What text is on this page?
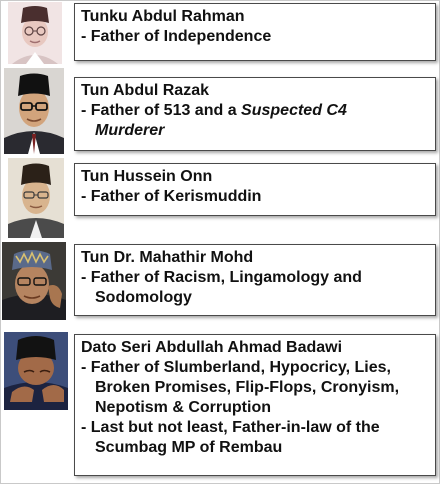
Tunku Abdul Rahman
- Father of Independence
Tun Abdul Razak
- Father of 513 and a Suspected C4
Murderer
Tun Hussein Onn
- Father of Kerismuddin
Tun Dr. Mahathir Mohd
- Father of Racism, Lingamology and Sodomology
Dato Seri Abdullah Ahmad Badawi
- Father of Slumberland, Hypocricy, Lies, Broken Promises, Flip-Flops, Cronyism, Nepotism & Corruption
- Last but not least, Father-in-law of the Scumbag MP of Rembau
